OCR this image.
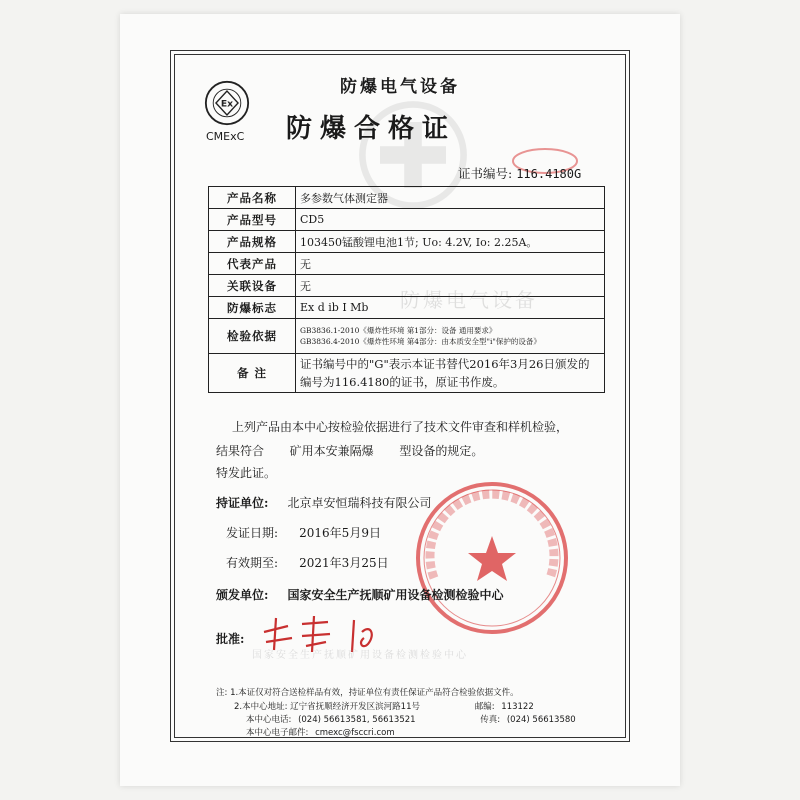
Ex
CMExC
防爆电气设备
防爆合格证
证书编号: 116.4180G
防爆电气设备
产品名称	多参数气体测定器
产品型号	CD5
产品规格	103450锰酸锂电池1节; Uo: 4.2V, Io: 2.25A。
代表产品	无
关联设备	无
防爆标志	Ex d ib I Mb
检验依据	GB3836.1-2010《爆炸性环境 第1部分：设备 通用要求》
GB3836.4-2010《爆炸性环境 第4部分：由本质安全型"i"保护的设备》

备 注	证书编号中的"G"表示本证书替代2016年3月26日颁发的编号为116.4180的证书，原证书作废。
上列产品由本中心按检验依据进行了技术文件审查和样机检验，
结果符合 矿用本安兼隔爆 型设备的规定。
特发此证。
持证单位: 北京卓安恒瑞科技有限公司
发证日期: 2016年5月9日
有效期至: 2021年3月25日
颁发单位: 国家安全生产抚顺矿用设备检测检验中心
批准:
国家安全生产抚顺矿用设备检测检验中心
注: 1.本证仅对符合送检样品有效，持证单位有责任保证产品符合检验依据文件。
2.本中心地址: 辽宁省抚顺经济开发区滨河路11号	邮编: 113122
本中心电话: (024) 56613581, 56613521	传真: (024) 56613580
本中心电子邮件: cmexc@fsccri.com
